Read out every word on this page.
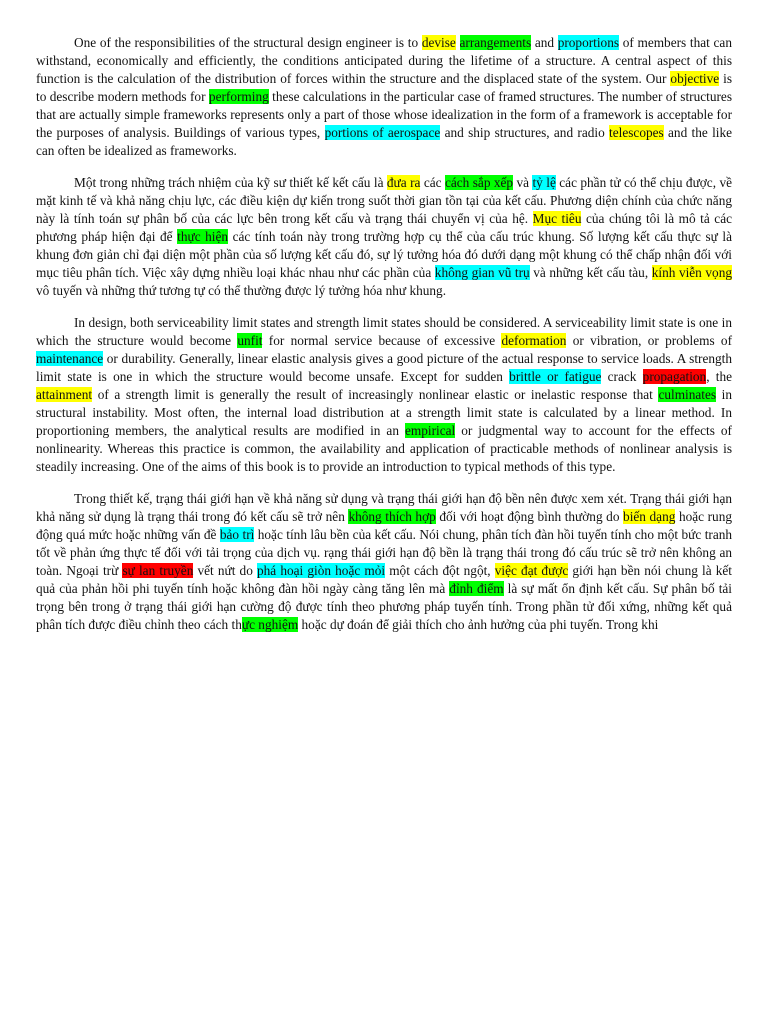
One of the responsibilities of the structural design engineer is to devise arrangements and proportions of members that can withstand, economically and efficiently, the conditions anticipated during the lifetime of a structure. A central aspect of this function is the calculation of the distribution of forces within the structure and the displaced state of the system. Our objective is to describe modern methods for performing these calculations in the particular case of framed structures. The number of structures that are actually simple frameworks represents only a part of those whose idealization in the form of a framework is acceptable for the purposes of analysis. Buildings of various types, portions of aerospace and ship structures, and radio telescopes and the like can often be idealized as frameworks.

Một trong những trách nhiệm của kỹ sư thiết kế kết cấu là đưa ra các cách sắp xếp và tỷ lệ các phần tử có thể chịu được, về mặt kinh tế và khả năng chịu lực, các điều kiện dự kiến trong suốt thời gian tồn tại của kết cấu. Phương diện chính của chức năng này là tính toán sự phân bố của các lực bên trong kết cấu và trạng thái chuyển vị của hệ. Mục tiêu của chúng tôi là mô tả các phương pháp hiện đại để thực hiện các tính toán này trong trường hợp cụ thể của cấu trúc khung. Số lượng kết cấu thực sự là khung đơn giản chỉ đại diện một phần của số lượng kết cấu đó, sự lý tưởng hóa đó dưới dạng một khung có thể chấp nhận đối với mục tiêu phân tích. Việc xây dựng nhiều loại khác nhau như các phần của không gian vũ trụ và những kết cấu tàu, kính viễn vọng vô tuyến và những thứ tương tự có thể thường được lý tưởng hóa như khung.

In design, both serviceability limit states and strength limit states should be considered. A serviceability limit state is one in which the structure would become unfit for normal service because of excessive deformation or vibration, or problems of maintenance or durability. Generally, linear elastic analysis gives a good picture of the actual response to service loads. A strength limit state is one in which the structure would become unsafe. Except for sudden brittle or fatigue crack propagation, the attainment of a strength limit is generally the result of increasingly nonlinear elastic or inelastic response that culminates in structural instability. Most often, the internal load distribution at a strength limit state is calculated by a linear method. In proportioning members, the analytical results are modified in an empirical or judgmental way to account for the effects of nonlinearity. Whereas this practice is common, the availability and application of practicable methods of nonlinear analysis is steadily increasing. One of the aims of this book is to provide an introduction to typical methods of this type.

Trong thiết kế, trạng thái giới hạn về khả năng sử dụng và trạng thái giới hạn độ bền nên được xem xét. Trạng thái giới hạn khả năng sử dụng là trạng thái trong đó kết cấu sẽ trở nên không thích hợp đối với hoạt động bình thường do biến dạng hoặc rung động quá mức hoặc những vấn đề bảo trì hoặc tính lâu bền của kết cấu. Nói chung, phân tích đàn hồi tuyến tính cho một bức tranh tốt về phản ứng thực tế đối với tải trọng của dịch vụ. rạng thái giới hạn độ bền là trạng thái trong đó cấu trúc sẽ trở nên không an toàn. Ngoại trừ sự lan truyền vết nứt do phá hoại giòn hoặc mỏi một cách đột ngột, việc đạt được giới hạn bền nói chung là kết quả của phản hồi phi tuyến tính hoặc không đàn hồi ngày càng tăng lên mà đỉnh điểm là sự mất ổn định kết cấu. Sự phân bố tải trọng bên trong ở trạng thái giới hạn cường độ được tính theo phương pháp tuyến tính. Trong phần tử đối xứng, những kết quả phân tích được điều chỉnh theo cách thực nghiệm hoặc dự đoán để giải thích cho ảnh hưởng của phi tuyến. Trong khi
